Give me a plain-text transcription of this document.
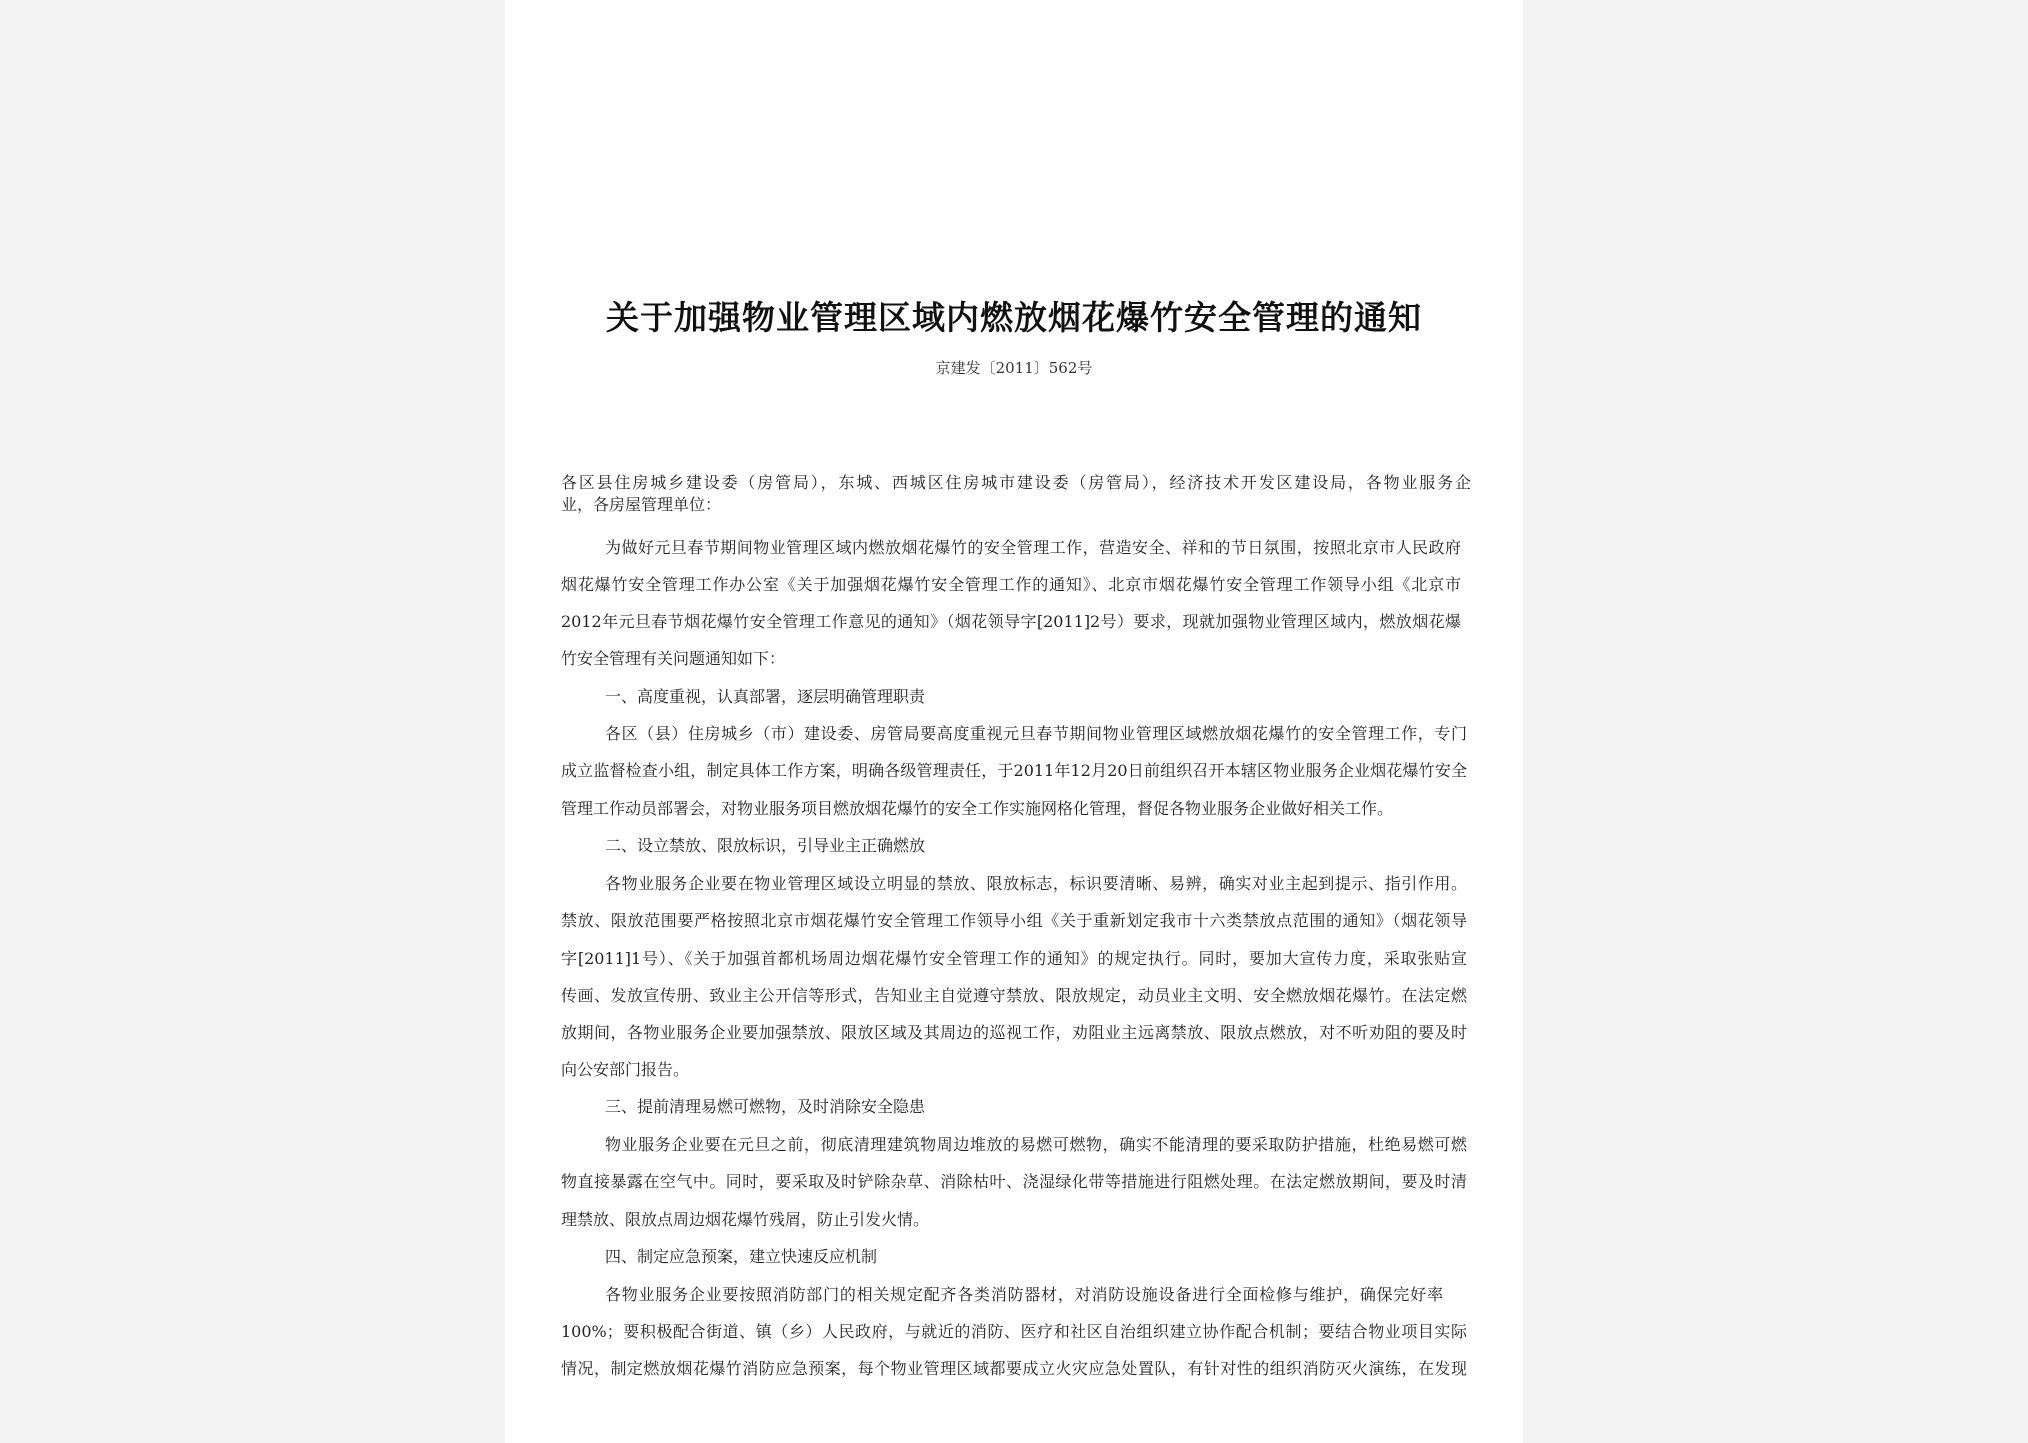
关于加强物业管理区域内燃放烟花爆竹安全管理的通知
京建发〔2011〕562号
各区县住房城乡建设委（房管局），东城、西城区住房城市建设委（房管局），经济技术开发区建设局，各物业服务企
业，各房屋管理单位：
为做好元旦春节期间物业管理区域内燃放烟花爆竹的安全管理工作，营造安全、祥和的节日氛围，按照北京市人民政府
烟花爆竹安全管理工作办公室《关于加强烟花爆竹安全管理工作的通知》、北京市烟花爆竹安全管理工作领导小组《北京市
2012年元旦春节烟花爆竹安全管理工作意见的通知》（烟花领导字[2011]2号）要求，现就加强物业管理区域内，燃放烟花爆
竹安全管理有关问题通知如下：
一、高度重视，认真部署，逐层明确管理职责
各区（县）住房城乡（市）建设委、房管局要高度重视元旦春节期间物业管理区域燃放烟花爆竹的安全管理工作，专门
成立监督检查小组，制定具体工作方案，明确各级管理责任，于2011年12月20日前组织召开本辖区物业服务企业烟花爆竹安全
管理工作动员部署会，对物业服务项目燃放烟花爆竹的安全工作实施网格化管理，督促各物业服务企业做好相关工作。
二、设立禁放、限放标识，引导业主正确燃放
各物业服务企业要在物业管理区域设立明显的禁放、限放标志，标识要清晰、易辨，确实对业主起到提示、指引作用。
禁放、限放范围要严格按照北京市烟花爆竹安全管理工作领导小组《关于重新划定我市十六类禁放点范围的通知》（烟花领导
字[2011]1号）、《关于加强首都机场周边烟花爆竹安全管理工作的通知》的规定执行。同时，要加大宣传力度，采取张贴宣
传画、发放宣传册、致业主公开信等形式，告知业主自觉遵守禁放、限放规定，动员业主文明、安全燃放烟花爆竹。在法定燃
放期间，各物业服务企业要加强禁放、限放区域及其周边的巡视工作，劝阻业主远离禁放、限放点燃放，对不听劝阻的要及时
向公安部门报告。
三、提前清理易燃可燃物，及时消除安全隐患
物业服务企业要在元旦之前，彻底清理建筑物周边堆放的易燃可燃物，确实不能清理的要采取防护措施，杜绝易燃可燃
物直接暴露在空气中。同时，要采取及时铲除杂草、消除枯叶、浇湿绿化带等措施进行阻燃处理。在法定燃放期间，要及时清
理禁放、限放点周边烟花爆竹残屑，防止引发火情。
四、制定应急预案，建立快速反应机制
各物业服务企业要按照消防部门的相关规定配齐各类消防器材，对消防设施设备进行全面检修与维护，确保完好率
100%；要积极配合街道、镇（乡）人民政府，与就近的消防、医疗和社区自治组织建立协作配合机制；要结合物业项目实际
情况，制定燃放烟花爆竹消防应急预案，每个物业管理区域都要成立火灾应急处置队，有针对性的组织消防灭火演练，在发现
